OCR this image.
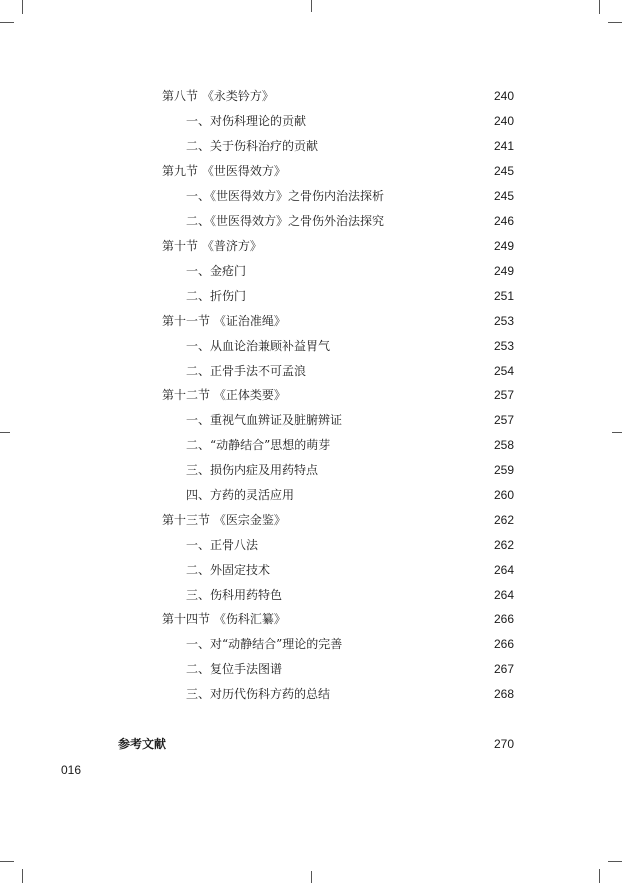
第八节 《永类钤方》	240
一、对伤科理论的贡献	240
二、关于伤科治疗的贡献	241
第九节 《世医得效方》	245
一、《世医得效方》之骨伤内治法探析	245
二、《世医得效方》之骨伤外治法探究	246
第十节 《普济方》	249
一、金疮门	249
二、折伤门	251
第十一节 《证治准绳》	253
一、从血论治兼顾补益胃气	253
二、正骨手法不可孟浪	254
第十二节 《正体类要》	257
一、重视气血辨证及脏腑辨证	257
二、“动静结合”思想的萌芽	258
三、损伤内症及用药特点	259
四、方药的灵活应用	260
第十三节 《医宗金鉴》	262
一、正骨八法	262
二、外固定技术	264
三、伤科用药特色	264
第十四节 《伤科汇纂》	266
一、对“动静结合”理论的完善	266
二、复位手法图谱	267
三、对历代伤科方药的总结	268
参考文献	270
016
